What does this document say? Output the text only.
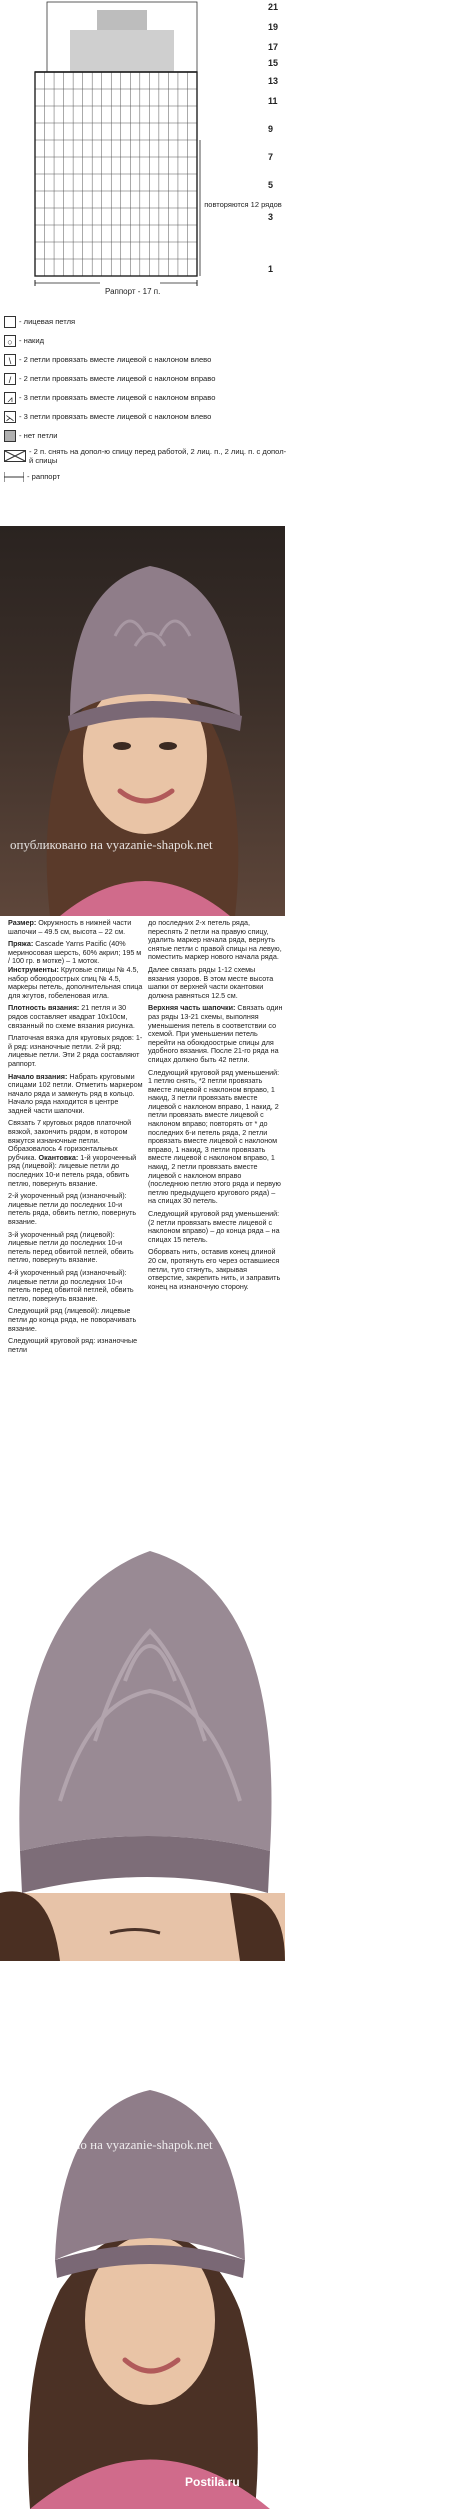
21
19
17
15
13
11
9
7
5
3
1
повторяются 12 рядов
Раппорт - 17 п.
- лицевая петля
○ - накид
\	- 2 петли провязать вместе лицевой с наклоном влево
/	- 2 петли провязать вместе лицевой с наклоном вправо
⩘ - 3 петли провязать вместе лицевой с наклоном вправо
⋋ - 3 петли провязать вместе лицевой с наклоном влево
- нет петли
- 2 п. снять на допол-ю спицу перед работой, 2 лиц. п., 2 лиц. п. с допол-й спицы
- раппорт
опубликовано на vyazanie-shapok.net

Размер: Окружность в нижней части шапочки – 49.5 см, высота – 22 см.

Пряжа: Cascade Yarns Pacific (40% мериносовая шерсть, 60% акрил; 195 м / 100 гр. в мотке) – 1 моток. Инструменты: Круговые спицы № 4.5, набор обоюдоострых спиц № 4.5, маркеры петель, дополнительная спица для жгутов, гобеленовая игла.

Плотность вязания: 21 петля и 30 рядов составляет квадрат 10х10см, связанный по схеме вязания рисунка.

Платочная вязка для круговых рядов: 1-й ряд: изнаночные петли. 2-й ряд: лицевые петли. Эти 2 ряда составляют раппорт.

Начало вязания: Набрать круговыми спицами 102 петли. Отметить маркером начало ряда и замкнуть ряд в кольцо. Начало ряда находится в центре задней части шапочки.

Связать 7 круговых рядов платочной вязкой, закончить рядом, в котором вяжутся изнаночные петли. Образовалось 4 горизонтальных рубчика. Окантовка: 1-й укороченный ряд (лицевой): лицевые петли до последних 10-и петель ряда, обвить петлю, повернуть вязание.

2-й укороченный ряд (изнаночный): лицевые петли до последних 10-и петель ряда, обвить петлю, повернуть вязание.

3-й укороченный ряд (лицевой): лицевые петли до последних 10-и петель перед обвитой петлей, обвить петлю, повернуть вязание.

4-й укороченный ряд (изнаночный): лицевые петли до последних 10-и петель перед обвитой петлей, обвить петлю, повернуть вязание.

Следующий ряд (лицевой): лицевые петли до конца ряда, не поворачивать вязание.

Следующий круговой ряд: изнаночные петли

до последних 2-х петель ряда, пересnять 2 петли на правую спицу, удалить маркер начала ряда, вернуть снятые петли с правой спицы на левую, поместить маркер нового начала ряда.

Далее связать ряды 1-12 схемы вязания узоров. В этом месте высота шапки от верхней части окантовки должна равняться 12.5 см.

Верхняя часть шапочки: Связать один раз ряды 13-21 схемы, выполняя уменьшения петель в соответствии со схемой. При уменьшении петель перейти на обоюдоострые спицы для удобного вязания. После 21-го ряда на спицах должно быть 42 петли.

Следующий круговой ряд уменьшений: 1 петлю снять, *2 петли провязать вместе лицевой с наклоном вправо, 1 накид, 3 петли провязать вместе лицевой с наклоном вправо, 1 накид, 2 петли провязать вместе лицевой с наклоном вправо; повторять от * до последних 6-и петель ряда, 2 петли провязать вместе лицевой с наклоном вправо, 1 накид, 3 петли провязать вместе лицевой с наклоном вправо, 1 накид, 2 петли провязать вместе лицевой с наклоном вправо (последнюю петлю этого ряда и первую петлю предыдущего кругового ряда) – на спицах 30 петель.

Следующий круговой ряд уменьшений: (2 петли провязать вместе лицевой с наклоном вправо) – до конца ряда – на спицах 15 петель.

Оборвать нить, оставив конец длиной 20 см, протянуть его через оставшиеся петли, туго стянуть, закрывая отверстие, закрепить нить, и заправить конец на изнаночную сторону.

опубликовано на vyazanie-shapok.net
Postila.ru
